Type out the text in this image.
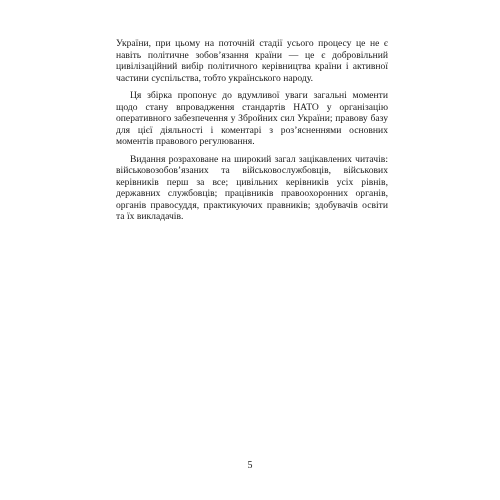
України, при цьому на поточній стадії усього процесу це не є навіть політичне зобов’язання країни — це є добровільний цивілізаційний вибір політичного керівництва країни і активної частини суспільства, тобто українського народу.

Ця збірка пропонує до вдумливої уваги загальні моменти щодо стану впровадження стандартів НАТО у організацію оперативного забезпечення у Збройних сил України; правову базу для цієї діяльності і коментарі з роз’ясненнями основних моментів правового регулювання.

Видання розраховане на широкий загал зацікавлених читачів: військовозобов’язаних та військовослужбовців, військових керівників перш за все; цивільних керівників усіх рівнів, державних службовців; працівників правоохоронних органів, органів правосуддя, практикуючих правників; здобувачів освіти та їх викладачів.

5
